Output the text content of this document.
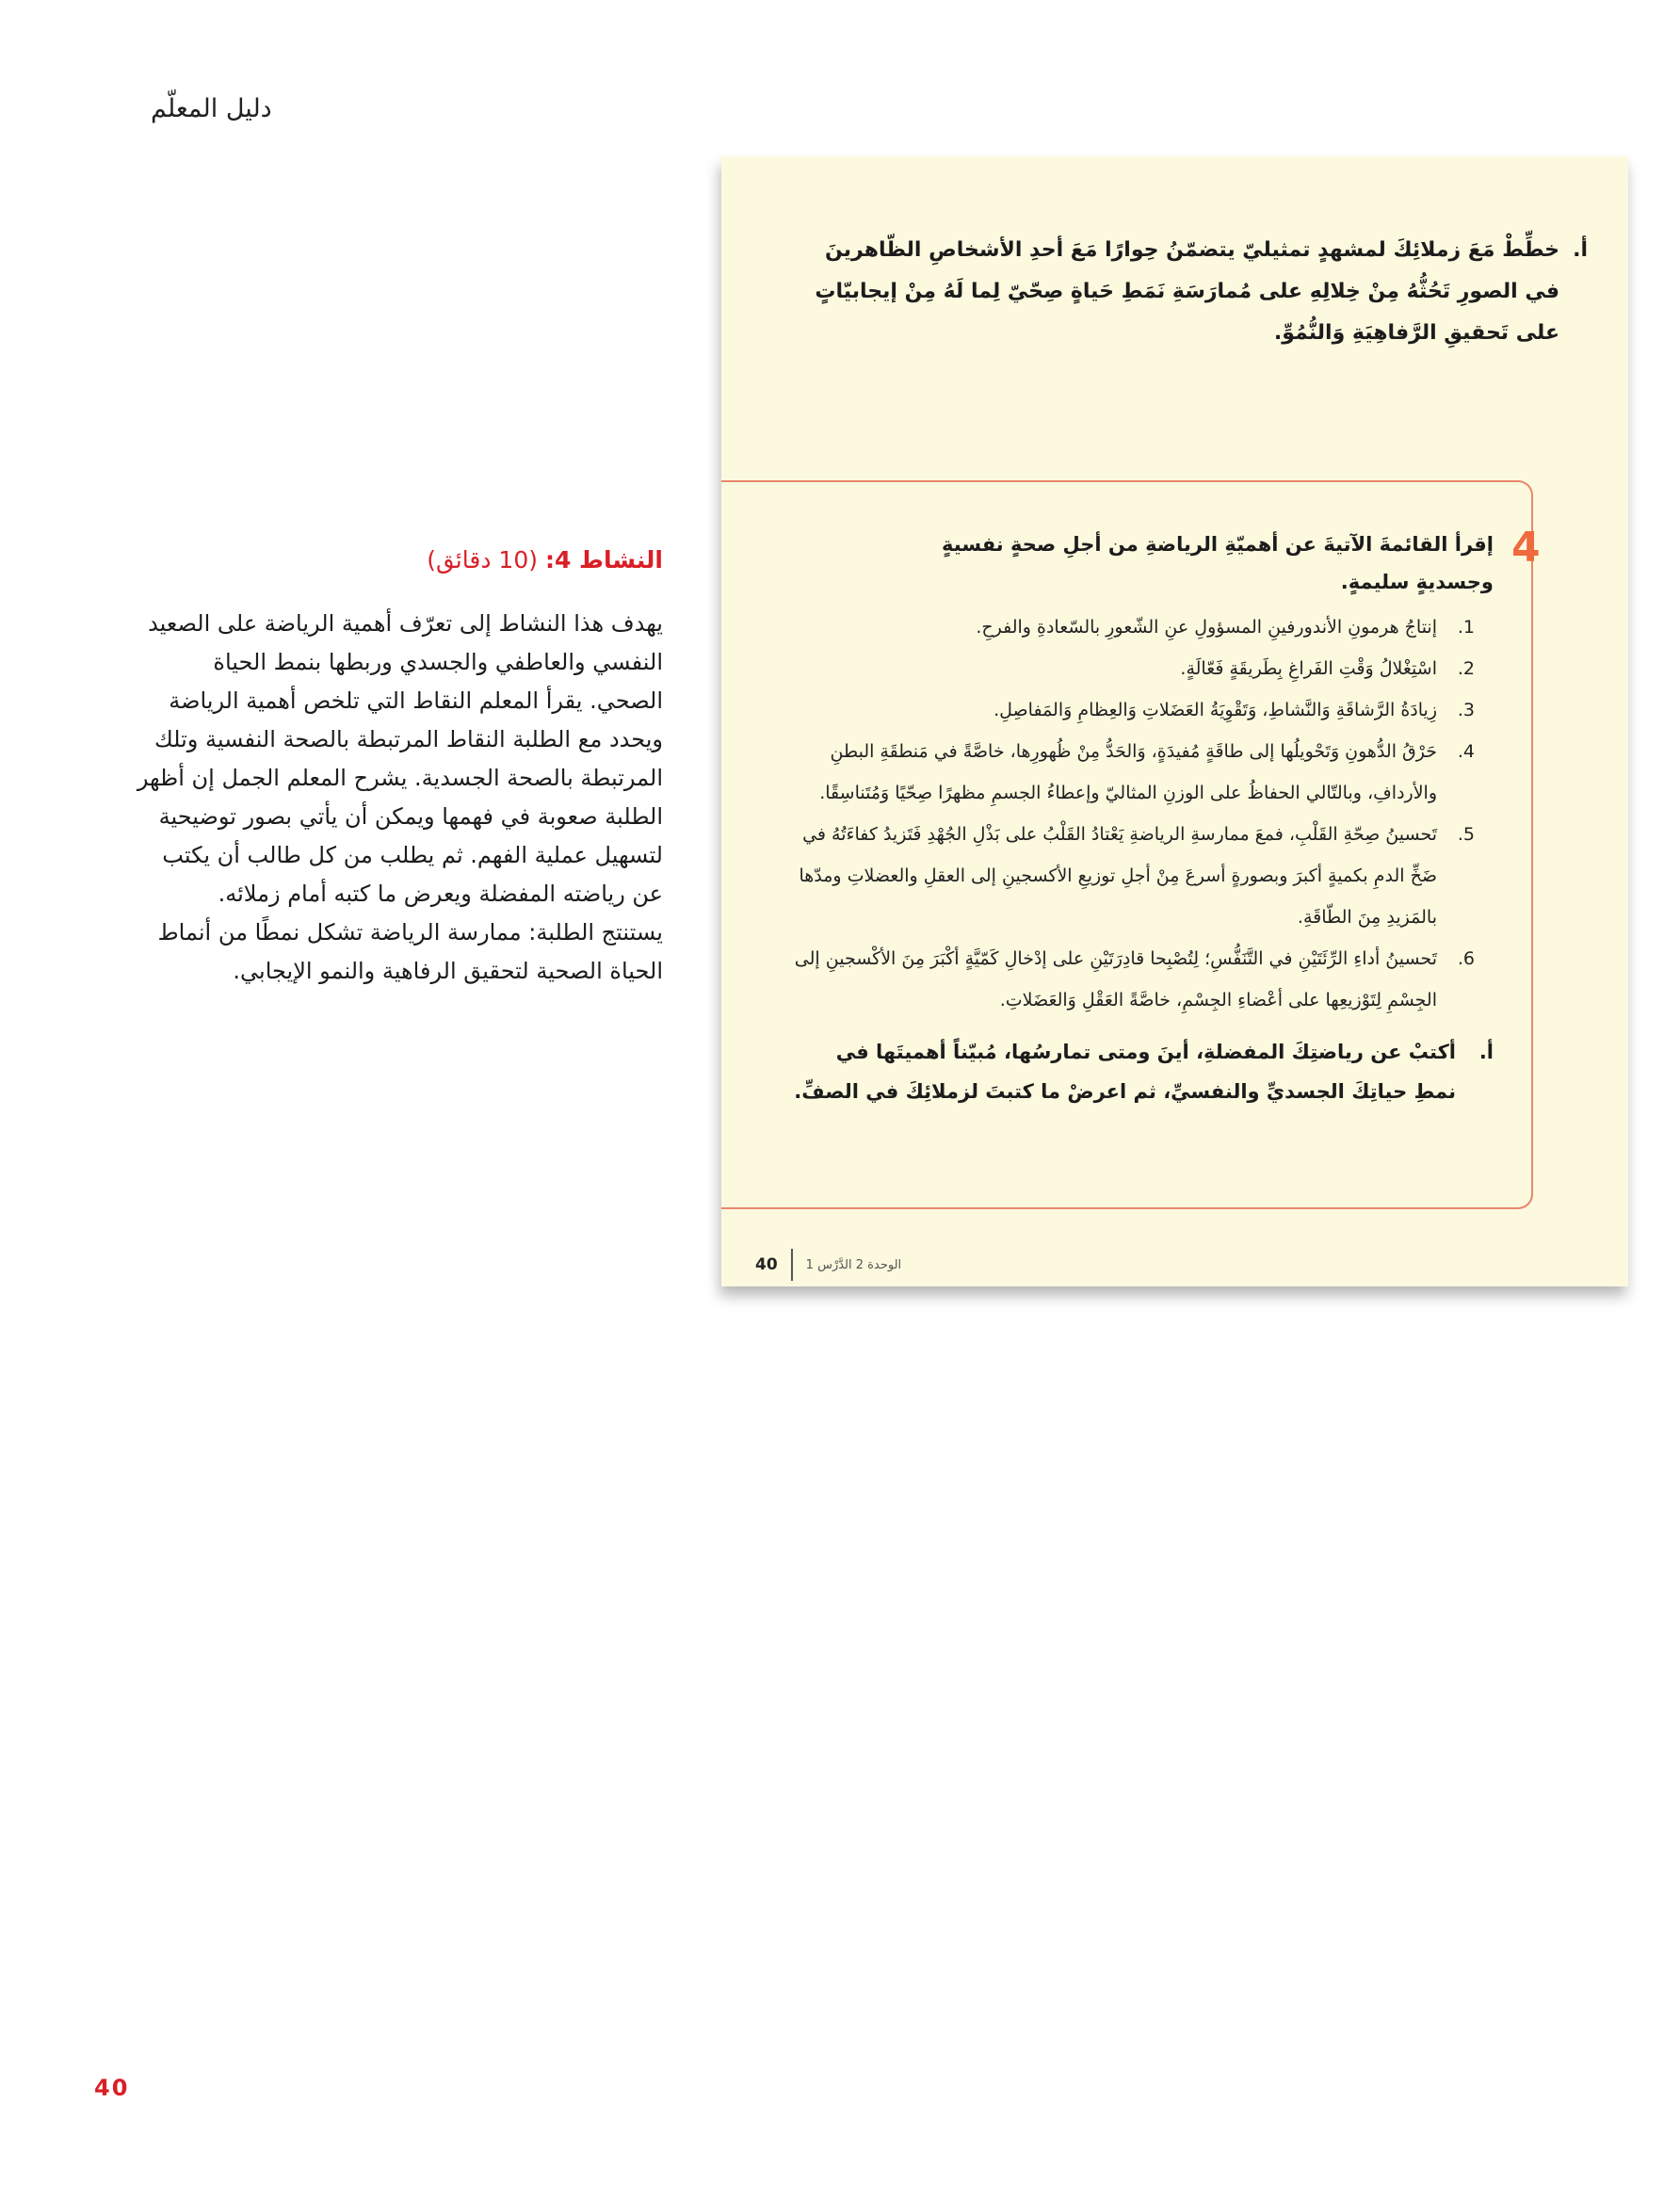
دليل المعلّم
أ.
خطِّطْ مَعَ زملائِكَ لمشهدٍ تمثيليّ يتضمّنُ حِوارًا مَعَ أحدِ الأشخاصِ الظّاهرينَ في الصورِ تَحُثُّهُ مِنْ خِلالِهِ على مُمارَسَةِ نَمَطِ حَياةٍ صِحّيّ لِما لَهُ مِنْ إيجابيّاتٍ على تَحقيقِ الرَّفاهِيَةِ وَالنُّمُوِّ.
4
إقرأ القائمةَ الآتيةَ عن أهميّةِ الرياضةِ من أجلِ صحةٍ نفسيةٍ وجسديةٍ سليمةٍ.
1.
إنتاجُ هرمونِ الأندورفينِ المسؤولِ عنِ الشّعورِ بالسّعادةِ والفرحِ.
2.
اسْتِغْلالُ وَقْتِ الفَراغِ بِطَريقَةٍ فَعّالَةٍ.
3.
زِيادَةُ الرَّشاقَةِ وَالنَّشاطِ، وَتَقْوِيَةُ العَضَلاتِ وَالعِظامِ وَالمَفاصِلِ.
4.
حَرْقُ الدُّهونِ وَتَحْويلُها إلى طاقَةٍ مُفيدَةٍ، وَالحَدُّ مِنْ ظُهورِها، خاصَّةً في مَنطقَةِ البطنِ والأردافِ، وبالتّالي الحفاظُ على الوزنِ المثاليّ وإعطاءُ الجسمِ مظهرًا صِحّيًا وَمُتَناسِقًا.
5.
تَحسينُ صِحّةِ القَلْبِ، فمعَ ممارسةِ الرياضةِ يَعْتادُ القَلْبُ على بَذْلِ الجُهْدِ فَتَزيدُ كفاءَتُهُ في ضَخِّ الدمِ بكميةٍ أكبرَ وبصورةٍ أسرعَ مِنْ أجلِ توزيعِ الأكسجينِ إلى العقلِ والعضلاتِ ومدّها بالمَزيدِ مِنَ الطّاقَةِ.
6.
تَحسينُ أداءِ الرِّئَتَيْنِ في التَّنَفُّسِ؛ لِتُصْبِحا قادِرَتَيْنِ على إدْخالِ كَمّيَّةٍ أكْبَرَ مِنَ الأكْسجينِ إلى الجِسْمِ لِتَوْزيعِها على أعْضاءِ الجِسْمِ، خاصَّةً العَقْلِ وَالعَضَلاتِ.
أ.
أكتبْ عن رياضتِكَ المفضلةِ، أينَ ومتى تمارسُها، مُبيّناً أهميتَها في نمطِ حياتِكَ الجسديِّ والنفسيِّ، ثم اعرضْ ما كتبتَ لزملائِكَ في الصفِّ.
40 الوحدة 2 الدَّرْس 1
النشاط 4: (10 دقائق)

يهدف هذا النشاط إلى تعرّف أهمية الرياضة على الصعيد النفسي والعاطفي والجسدي وربطها بنمط الحياة الصحي. يقرأ المعلم النقاط التي تلخص أهمية الرياضة ويحدد مع الطلبة النقاط المرتبطة بالصحة النفسية وتلك المرتبطة بالصحة الجسدية. يشرح المعلم الجمل إن أظهر الطلبة صعوبة في فهمها ويمكن أن يأتي بصور توضيحية لتسهيل عملية الفهم. ثم يطلب من كل طالب أن يكتب عن رياضته المفضلة ويعرض ما كتبه أمام زملائه.

يستنتج الطلبة: ممارسة الرياضة تشكل نمطًا من أنماط الحياة الصحية لتحقيق الرفاهية والنمو الإيجابي.

40
